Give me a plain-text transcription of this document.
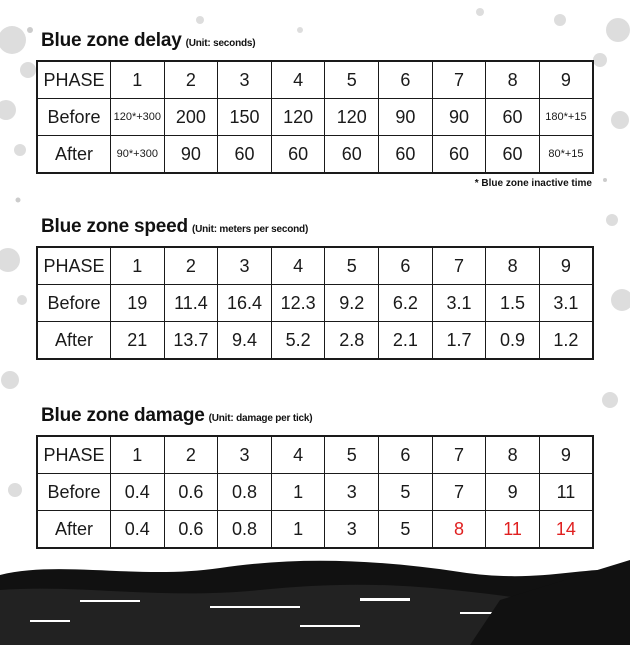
Blue zone delay (Unit: seconds)
PHASE	1	2	3	4	5	6	7	8	9
Before	120*+300	200	150	120	120	90	90	60	180*+15
After	90*+300	90	60	60	60	60	60	60	80*+15
* Blue zone inactive time
Blue zone speed (Unit: meters per second)
PHASE	1	2	3	4	5	6	7	8	9
Before	19	11.4	16.4	12.3	9.2	6.2	3.1	1.5	3.1
After	21	13.7	9.4	5.2	2.8	2.1	1.7	0.9	1.2
Blue zone damage (Unit: damage per tick)
PHASE	1	2	3	4	5	6	7	8	9
Before	0.4	0.6	0.8	1	3	5	7	9	11
After	0.4	0.6	0.8	1	3	5	8	11	14
